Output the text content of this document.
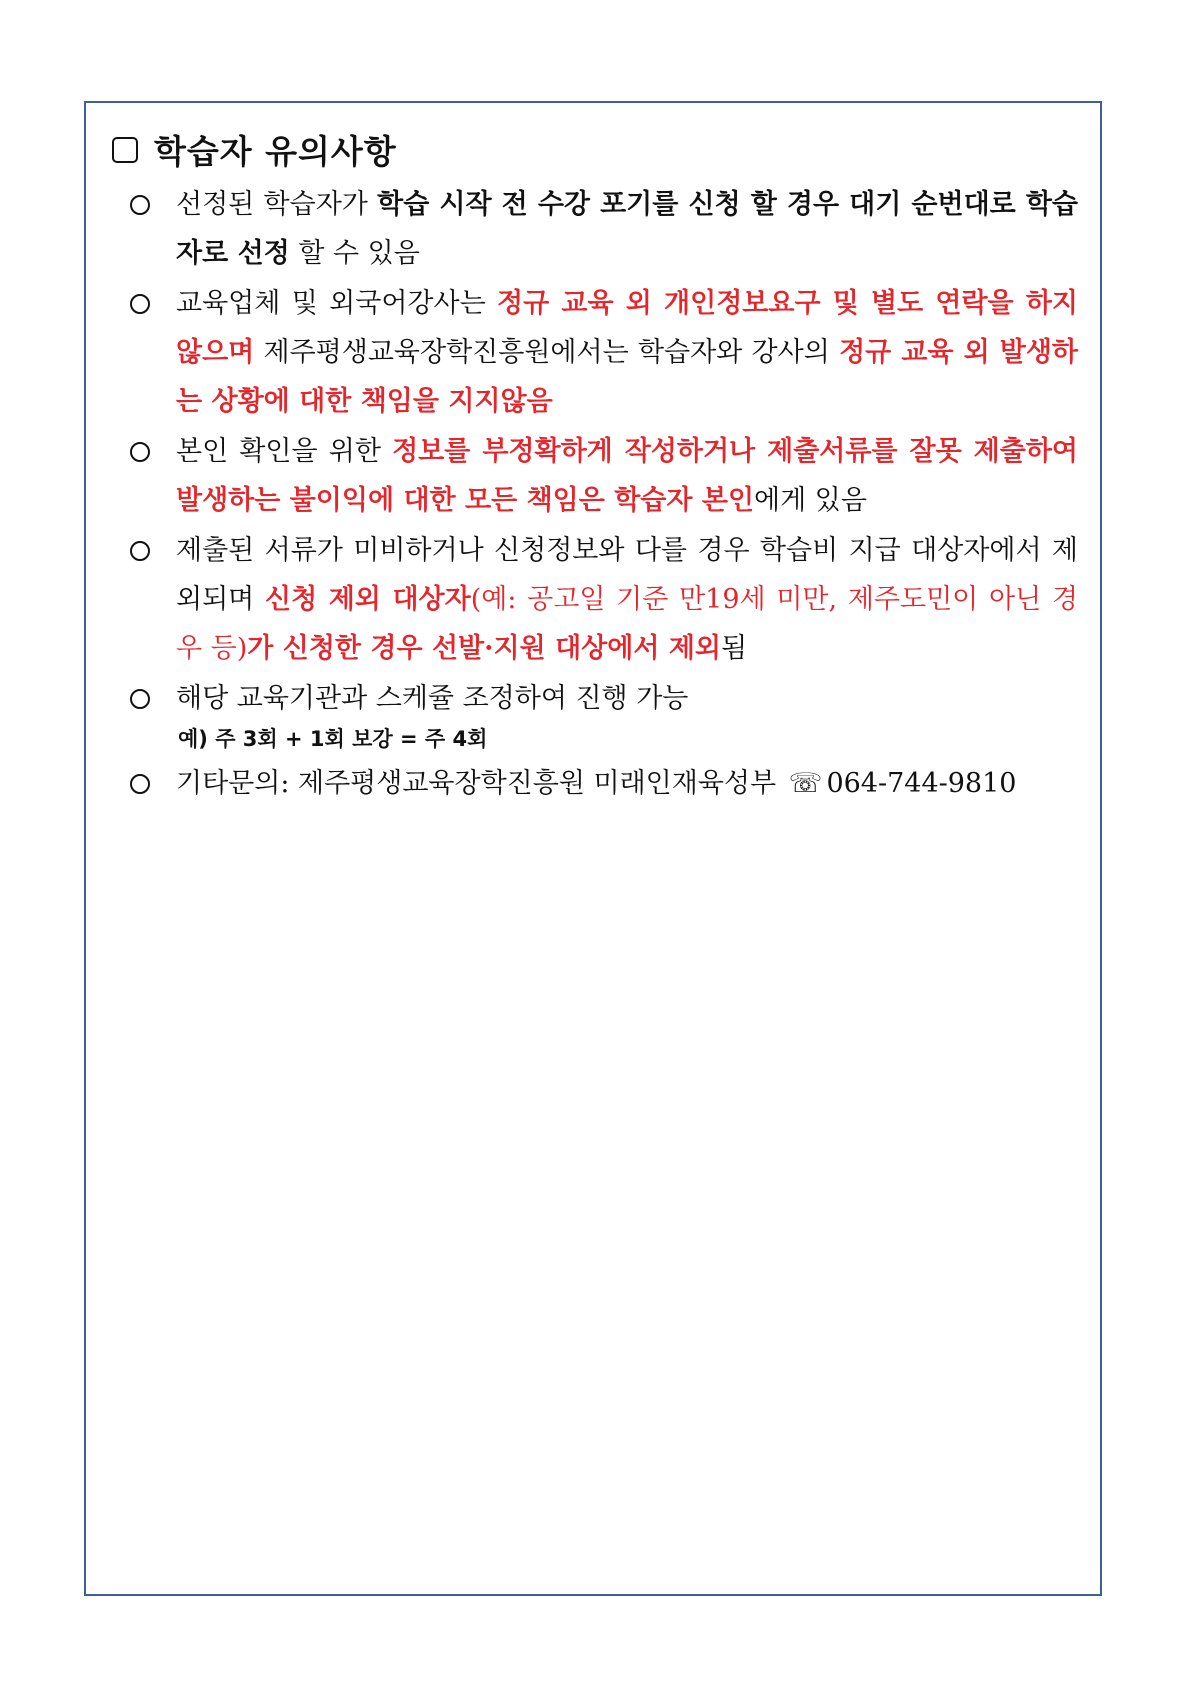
학습자 유의사항
선정된 학습자가 학습 시작 전 수강 포기를 신청 할 경우 대기 순번대로 학습자로 선정 할 수 있음
교육업체 및 외국어강사는 정규 교육 외 개인정보요구 및 별도 연락을 하지 않으며 제주평생교육장학진흥원에서는 학습자와 강사의 정규 교육 외 발생하는 상황에 대한 책임을 지지않음
본인 확인을 위한 정보를 부정확하게 작성하거나 제출서류를 잘못 제출하여 발생하는 불이익에 대한 모든 책임은 학습자 본인에게 있음
제출된 서류가 미비하거나 신청정보와 다를 경우 학습비 지급 대상자에서 제외되며 신청 제외 대상자(예: 공고일 기준 만19세 미만, 제주도민이 아닌 경우 등)가 신청한 경우 선발·지원 대상에서 제외됨
해당 교육기관과 스케쥴 조정하여 진행 가능
예) 주 3회 + 1회 보강 = 주 4회
기타문의: 제주평생교육장학진흥원 미래인재육성부 ☏ 064-744-9810
